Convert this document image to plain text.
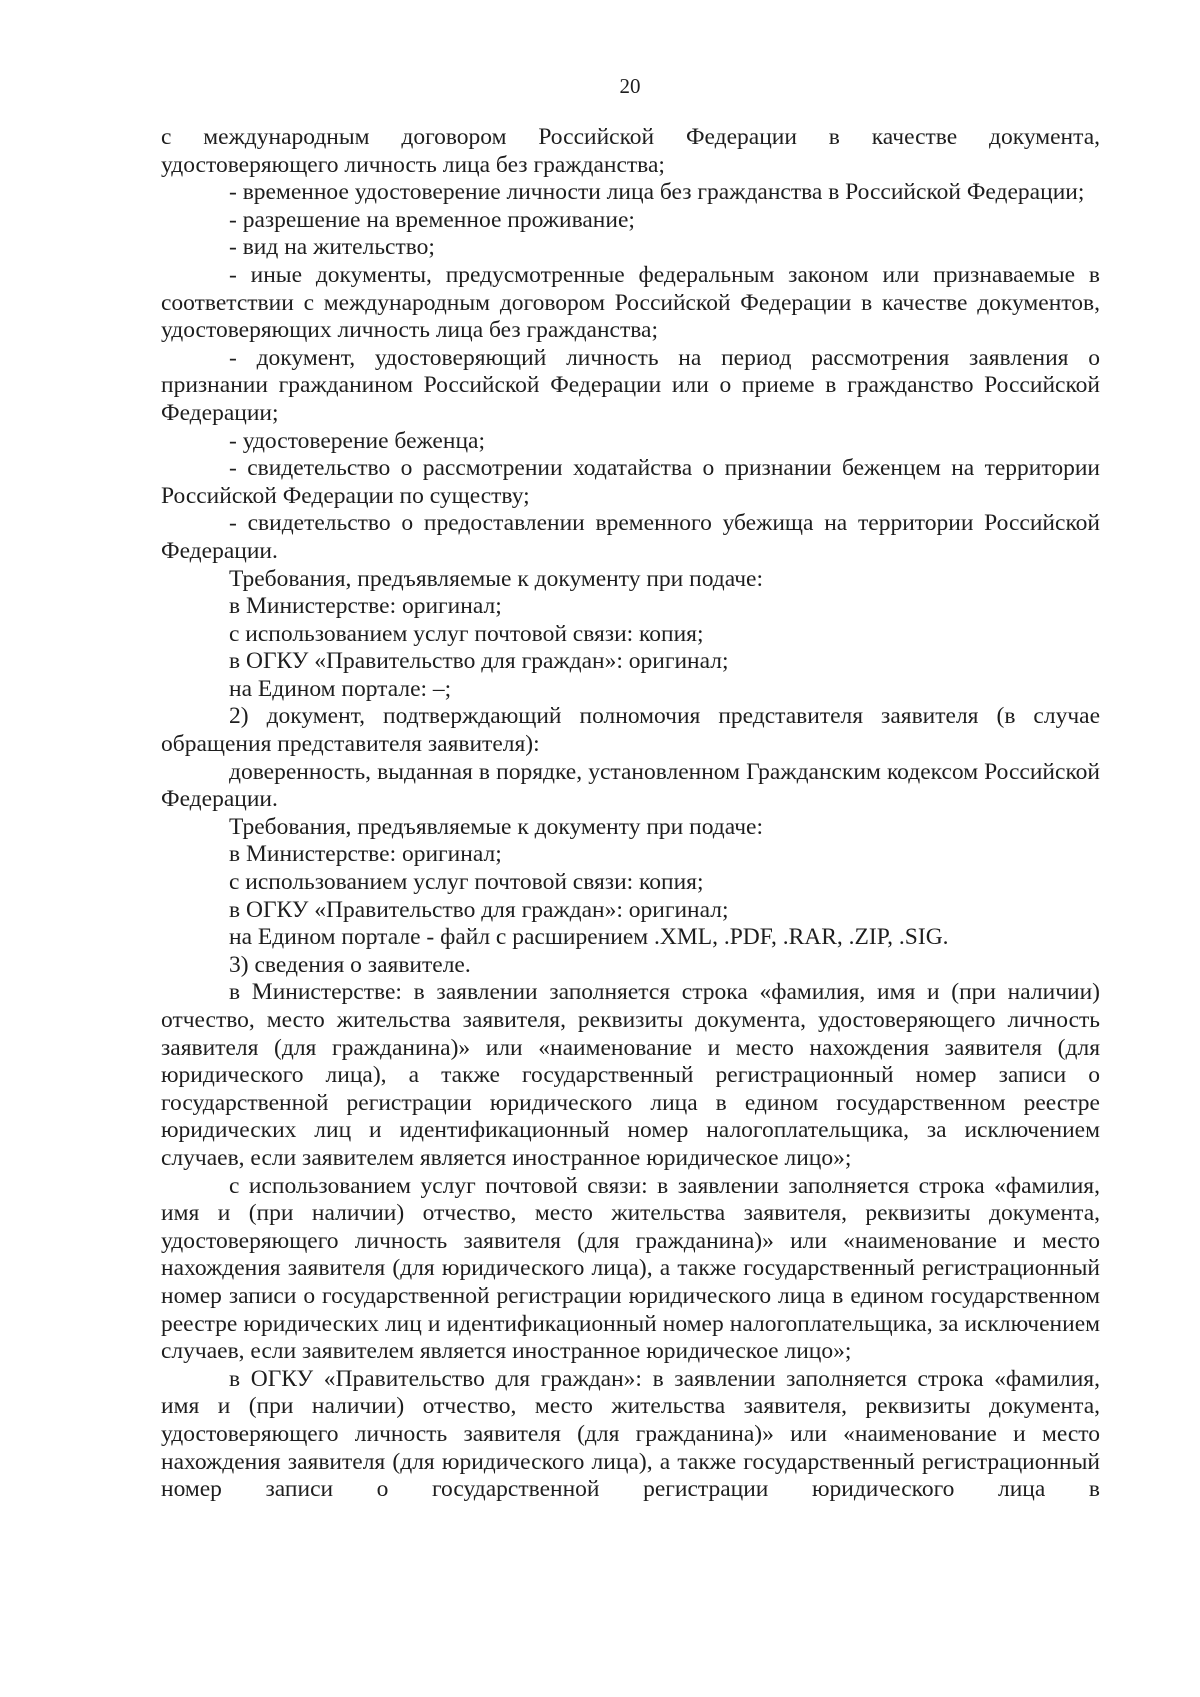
20

с международным договором Российской Федерации в качестве документа, удостоверяющего личность лица без гражданства;

- временное удостоверение личности лица без гражданства в Российской Федерации;

- разрешение на временное проживание;

- вид на жительство;

- иные документы, предусмотренные федеральным законом или признаваемые в соответствии с международным договором Российской Федерации в качестве документов, удостоверяющих личность лица без гражданства;

- документ, удостоверяющий личность на период рассмотрения заявления о признании гражданином Российской Федерации или о приеме в гражданство Российской Федерации;

- удостоверение беженца;

- свидетельство о рассмотрении ходатайства о признании беженцем на территории Российской Федерации по существу;

- свидетельство о предоставлении временного убежища на территории Российской Федерации.

Требования, предъявляемые к документу при подаче:

в Министерстве: оригинал;

с использованием услуг почтовой связи: копия;

в ОГКУ «Правительство для граждан»: оригинал;

на Едином портале: –;

2) документ, подтверждающий полномочия представителя заявителя (в случае обращения представителя заявителя):

доверенность, выданная в порядке, установленном Гражданским кодексом Российской Федерации.

Требования, предъявляемые к документу при подаче:

в Министерстве: оригинал;

с использованием услуг почтовой связи: копия;

в ОГКУ «Правительство для граждан»: оригинал;

на Едином портале - файл с расширением .XML, .PDF, .RAR, .ZIP, .SIG.

3) сведения о заявителе.

в Министерстве: в заявлении заполняется строка «фамилия, имя и (при наличии) отчество, место жительства заявителя, реквизиты документа, удостоверяющего личность заявителя (для гражданина)» или «наименование и место нахождения заявителя (для юридического лица), а также государственный регистрационный номер записи о государственной регистрации юридического лица в едином государственном реестре юридических лиц и идентификационный номер налогоплательщика, за исключением случаев, если заявителем является иностранное юридическое лицо»;

с использованием услуг почтовой связи: в заявлении заполняется строка «фамилия, имя и (при наличии) отчество, место жительства заявителя, реквизиты документа, удостоверяющего личность заявителя (для гражданина)» или «наименование и место нахождения заявителя (для юридического лица), а также государственный регистрационный номер записи о государственной регистрации юридического лица в едином государственном реестре юридических лиц и идентификационный номер налогоплательщика, за исключением случаев, если заявителем является иностранное юридическое лицо»;

в ОГКУ «Правительство для граждан»: в заявлении заполняется строка «фамилия, имя и (при наличии) отчество, место жительства заявителя, реквизиты документа, удостоверяющего личность заявителя (для гражданина)» или «наименование и место нахождения заявителя (для юридического лица), а также государственный регистрационный номер записи о государственной регистрации юридического лица в
